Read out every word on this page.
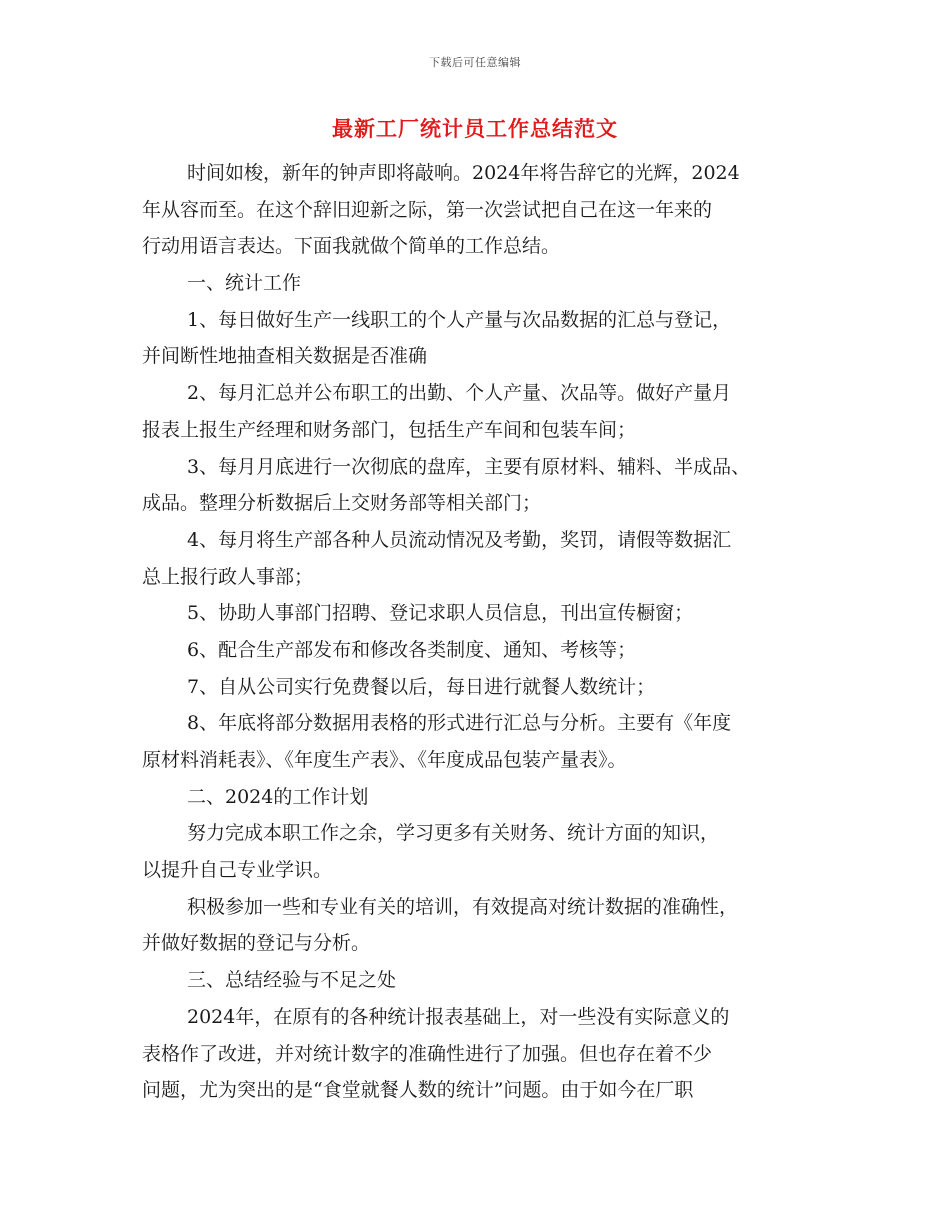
下载后可任意编辑
最新工厂统计员工作总结范文
时间如梭，新年的钟声即将敲响。2024年将告辞它的光辉，2024
年从容而至。在这个辞旧迎新之际，第一次尝试把自己在这一年来的
行动用语言表达。下面我就做个简单的工作总结。
一、统计工作
1、每日做好生产一线职工的个人产量与次品数据的汇总与登记，
并间断性地抽查相关数据是否准确
2、每月汇总并公布职工的出勤、个人产量、次品等。做好产量月
报表上报生产经理和财务部门，包括生产车间和包装车间；
3、每月月底进行一次彻底的盘库，主要有原材料、辅料、半成品、
成品。整理分析数据后上交财务部等相关部门；
4、每月将生产部各种人员流动情况及考勤，奖罚，请假等数据汇
总上报行政人事部；
5、协助人事部门招聘、登记求职人员信息，刊出宣传橱窗；
6、配合生产部发布和修改各类制度、通知、考核等；
7、自从公司实行免费餐以后，每日进行就餐人数统计；
8、年底将部分数据用表格的形式进行汇总与分析。主要有《年度
原材料消耗表》、《年度生产表》、《年度成品包装产量表》。
二、2024的工作计划
努力完成本职工作之余，学习更多有关财务、统计方面的知识，
以提升自己专业学识。
积极参加一些和专业有关的培训，有效提高对统计数据的准确性，
并做好数据的登记与分析。
三、总结经验与不足之处
2024年，在原有的各种统计报表基础上，对一些没有实际意义的
表格作了改进，并对统计数字的准确性进行了加强。但也存在着不少
问题，尤为突出的是“食堂就餐人数的统计”问题。由于如今在厂职
